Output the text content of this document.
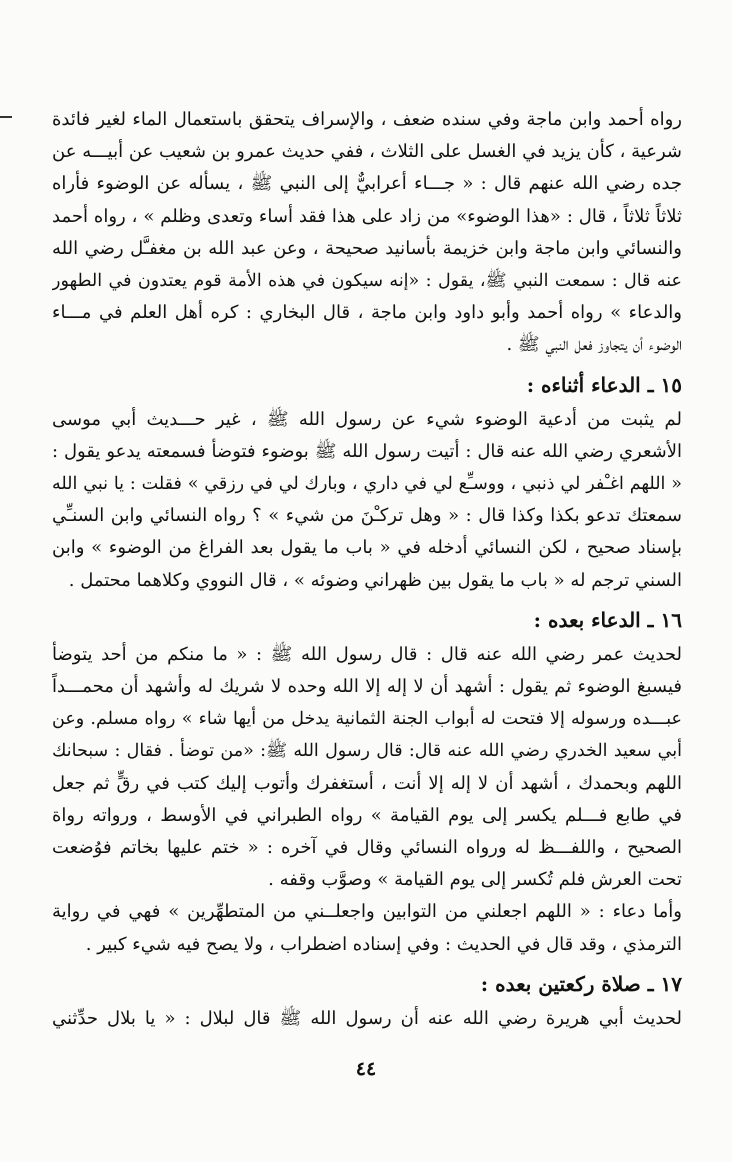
رواه أحمد وابن ماجة وفي سنده ضعف ، والإسراف يتحقق باستعمال الماء لغير فائدة
شرعية ، كأن يزيد في الغسل على الثلاث ، ففي حديث عمرو بن شعيب عن أبيـــه عن
جده رضي الله عنهم قال : « جـــاء أعرابيٌّ إلى النبي ﷺ ، يسأله عن الوضوء فأراه
ثلاثاً ثلاثاً ، قال : «هذا الوضوء» من زاد على هذا فقد أساء وتعدى وظلم » ، رواه أحمد
والنسائي وابن ماجة وابن خزيمة بأسانيد صحيحة ، وعن عبد الله بن مغفـَّل رضي الله
عنه قال : سمعت النبي ﷺ، يقول : «إنه سيكون في هذه الأمة قوم يعتدون في الطهور
والدعاء » رواه أحمد وأبو داود وابن ماجة ، قال البخاري : كره أهل العلم في مـــاء
الوضوء أن يتجاوز فعل النبي ﷺ .
١٥ ـ الدعاء أثناءه :
لم يثبت من أدعية الوضوء شيء عن رسول الله ﷺ ، غير حـــديث أبي موسى
الأشعري رضي الله عنه قال : أتيت رسول الله ﷺ بوضوء فتوضأ فسمعته يدعو يقول :
« اللهم اغـْفر لي ذنبي ، ووسـِّع لي في داري ، وبارك لي في رزقي » فقلت : يا نبي الله
سمعتك تدعو بكذا وكذا قال : « وهل تركـْنَ من شيء » ؟ رواه النسائي وابن السنـِّي
بإسناد صحيح ، لكن النسائي أدخله في « باب ما يقول بعد الفراغ من الوضوء » وابن
السني ترجم له « باب ما يقول بين ظهراني وضوئه » ، قال النووي وكلاهما محتمل .
١٦ ـ الدعاء بعده :
لحديث عمر رضي الله عنه قال : قال رسول الله ﷺ : « ما منكم من أحد يتوضأ
فيسبغ الوضوء ثم يقول : أشهد أن لا إله إلا الله وحده لا شريك له وأشهد أن محمـــداً
عبـــده ورسوله إلا فتحت له أبواب الجنة الثمانية يدخل من أيها شاء » رواه مسلم. وعن
أبي سعيد الخدري رضي الله عنه قال: قال رسول الله ﷺ: «من توضأ . فقال : سبحانك
اللهم وبحمدك ، أشهد أن لا إله إلا أنت ، أستغفرك وأتوب إليك كتب في رقٍّ ثم جعل
في طابع فـــلم يكسر إلى يوم القيامة » رواه الطبراني في الأوسط ، ورواته رواة
الصحيح ، واللفـــظ له ورواه النسائي وقال في آخره : « ختم عليها بخاتم فوُضعت
تحت العرش فلم تُكسر إلى يوم القيامة » وصوَّب وقفه .
وأما دعاء : « اللهم اجعلني من التوابين واجعلــني من المتطهِّرين » فهي في رواية
الترمذي ، وقد قال في الحديث : وفي إسناده اضطراب ، ولا يصح فيه شيء كبير .
١٧ ـ صلاة ركعتين بعده :
لحديث أبي هريرة رضي الله عنه أن رسول الله ﷺ قال لبلال : « يا بلال حدِّثني
٤٤
